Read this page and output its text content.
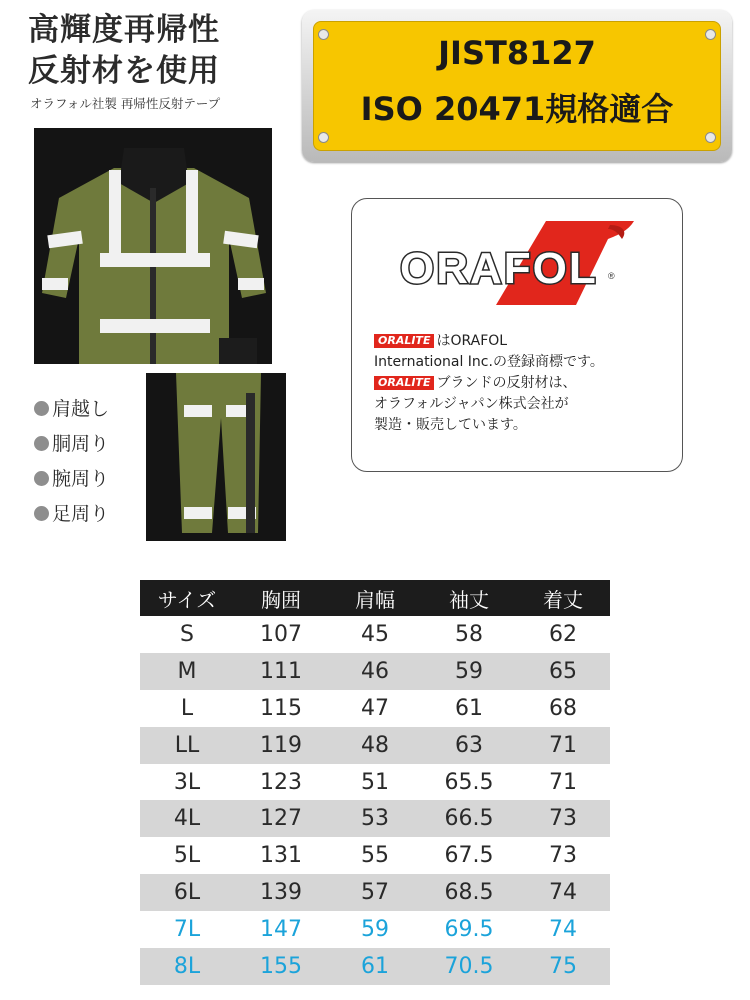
高輝度再帰性
反射材を使用
オラフォル社製 再帰性反射テープ
JIST8127
ISO 20471規格適合
肩越し
胴周り
腕周り
足周り
ORAFOL ®
ORALITE はORAFOL
International Inc.の登録商標です。
ORALITE ブランドの反射材は、
オラフォルジャパン株式会社が
製造・販売しています。
サイズ	胸囲	肩幅	袖丈	着丈
S	107	45	58	62
M	111	46	59	65
L	115	47	61	68
LL	119	48	63	71
3L	123	51	65.5	71
4L	127	53	66.5	73
5L	131	55	67.5	73
6L	139	57	68.5	74
7L	147	59	69.5	74
8L	155	61	70.5	75
